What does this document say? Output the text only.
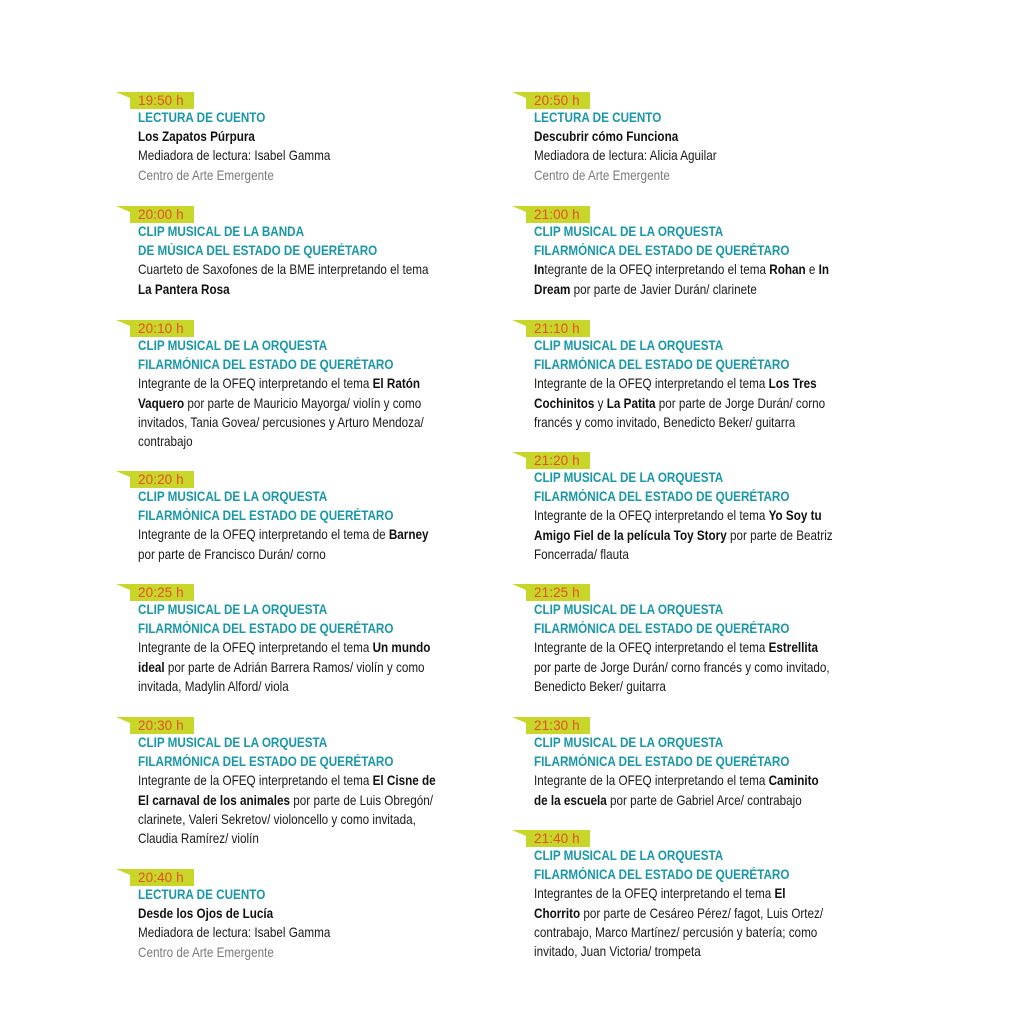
19:50 h
LECTURA DE CUENTO
Los Zapatos Púrpura
Mediadora de lectura: Isabel Gamma
Centro de Arte Emergente
20:00 h
CLIP MUSICAL DE LA BANDA
DE MÚSICA DEL ESTADO DE QUERÉTARO
Cuarteto de Saxofones de la BME interpretando el tema
La Pantera Rosa
20:10 h
CLIP MUSICAL DE LA ORQUESTA
FILARMÓNICA DEL ESTADO DE QUERÉTARO
Integrante de la OFEQ interpretando el tema El Ratón
Vaquero por parte de Mauricio Mayorga/ violín y como
invitados, Tania Govea/ percusiones y Arturo Mendoza/
contrabajo
20:20 h
CLIP MUSICAL DE LA ORQUESTA
FILARMÓNICA DEL ESTADO DE QUERÉTARO
Integrante de la OFEQ interpretando el tema de Barney
por parte de Francisco Durán/ corno
20:25 h
CLIP MUSICAL DE LA ORQUESTA
FILARMÓNICA DEL ESTADO DE QUERÉTARO
Integrante de la OFEQ interpretando el tema Un mundo
ideal por parte de Adrián Barrera Ramos/ violín y como
invitada, Madylin Alford/ viola
20:30 h
CLIP MUSICAL DE LA ORQUESTA
FILARMÓNICA DEL ESTADO DE QUERÉTARO
Integrante de la OFEQ interpretando el tema El Cisne de
El carnaval de los animales por parte de Luis Obregón/
clarinete, Valeri Sekretov/ violoncello y como invitada,
Claudia Ramírez/ violín
20:40 h
LECTURA DE CUENTO
Desde los Ojos de Lucía
Mediadora de lectura: Isabel Gamma
Centro de Arte Emergente
20:50 h
LECTURA DE CUENTO
Descubrir cómo Funciona
Mediadora de lectura: Alicia Aguilar
Centro de Arte Emergente
21:00 h
CLIP MUSICAL DE LA ORQUESTA
FILARMÓNICA DEL ESTADO DE QUERÉTARO
Integrante de la OFEQ interpretando el tema Rohan e In
Dream por parte de Javier Durán/ clarinete
21:10 h
CLIP MUSICAL DE LA ORQUESTA
FILARMÓNICA DEL ESTADO DE QUERÉTARO
Integrante de la OFEQ interpretando el tema Los Tres
Cochinitos y La Patita por parte de Jorge Durán/ corno
francés y como invitado, Benedicto Beker/ guitarra
21:20 h
CLIP MUSICAL DE LA ORQUESTA
FILARMÓNICA DEL ESTADO DE QUERÉTARO
Integrante de la OFEQ interpretando el tema Yo Soy tu
Amigo Fiel de la película Toy Story por parte de Beatriz
Foncerrada/ flauta
21:25 h
CLIP MUSICAL DE LA ORQUESTA
FILARMÓNICA DEL ESTADO DE QUERÉTARO
Integrante de la OFEQ interpretando el tema Estrellita
por parte de Jorge Durán/ corno francés y como invitado,
Benedicto Beker/ guitarra
21:30 h
CLIP MUSICAL DE LA ORQUESTA
FILARMÓNICA DEL ESTADO DE QUERÉTARO
Integrante de la OFEQ interpretando el tema Caminito
de la escuela por parte de Gabriel Arce/ contrabajo
21:40 h
CLIP MUSICAL DE LA ORQUESTA
FILARMÓNICA DEL ESTADO DE QUERÉTARO
Integrantes de la OFEQ interpretando el tema El
Chorrito por parte de Cesáreo Pérez/ fagot, Luis Ortez/
contrabajo, Marco Martínez/ percusión y batería; como
invitado, Juan Victoria/ trompeta
